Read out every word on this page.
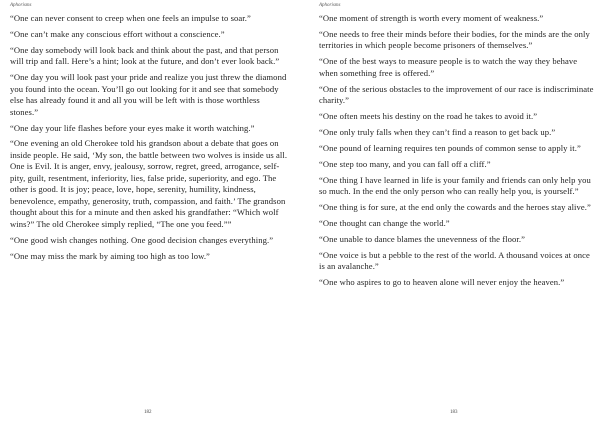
Aphorisms
“One can never consent to creep when one feels an impulse to soar.”
“One can’t make any conscious effort without a conscience.”
“One day somebody will look back and think about the past, and that person will trip and fall. Here’s a hint; look at the future, and don’t ever look back.”
“One day you will look past your pride and realize you just threw the diamond you found into the ocean. You’ll go out looking for it and see that somebody else has already found it and all you will be left with is those worthless stones.”
“One day your life flashes before your eyes make it worth watching.”
“One evening an old Cherokee told his grandson about a debate that goes on inside people. He said, ‘My son, the battle between two wolves is inside us all. One is Evil. It is anger, envy, jealousy, sorrow, regret, greed, arrogance, self-pity, guilt, resentment, inferiority, lies, false pride, superiority, and ego. The other is good. It is joy; peace, love, hope, serenity, humility, kindness, benevolence, empathy, generosity, truth, compassion, and faith.’ The grandson thought about this for a minute and then asked his grandfather: “Which wolf wins?” The old Cherokee simply replied, “The one you feed.””
“One good wish changes nothing. One good decision changes everything.”
“One may miss the mark by aiming too high as too low.”
182
Aphorisms
“One moment of strength is worth every moment of weakness.”
“One needs to free their minds before their bodies, for the minds are the only territories in which people become prisoners of themselves.”
“One of the best ways to measure people is to watch the way they behave when something free is offered.”
“One of the serious obstacles to the improvement of our race is indiscriminate charity.”
“One often meets his destiny on the road he takes to avoid it.”
“One only truly falls when they can’t find a reason to get back up.”
“One pound of learning requires ten pounds of common sense to apply it.”
“One step too many, and you can fall off a cliff.”
“One thing I have learned in life is your family and friends can only help you so much. In the end the only person who can really help you, is yourself.”
“One thing is for sure, at the end only the cowards and the heroes stay alive.”
“One thought can change the world.”
“One unable to dance blames the unevenness of the floor.”
“One voice is but a pebble to the rest of the world. A thousand voices at once is an avalanche.”
“One who aspires to go to heaven alone will never enjoy the heaven.”
183
